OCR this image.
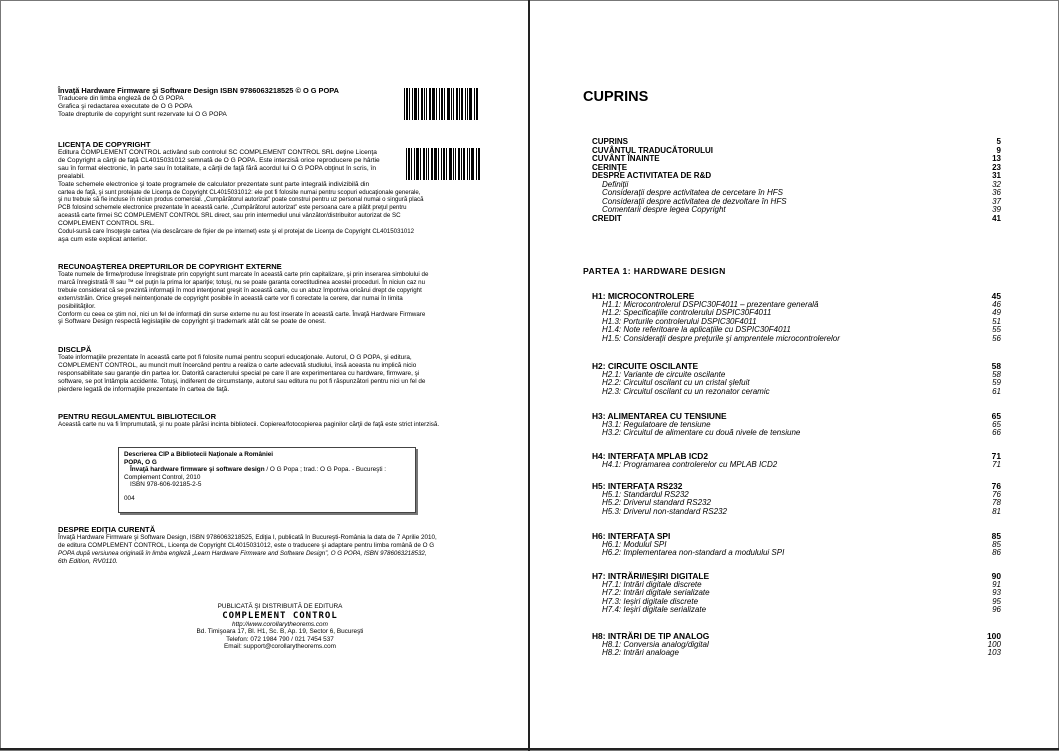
Învaţă Hardware Firmware şi Software Design ISBN 9786063218525 © O G POPA

Traducere din limba engleză de O G POPA

Grafica şi redactarea executate de O G POPA

Toate drepturile de copyright sunt rezervate lui O G POPA

LICENŢA DE COPYRIGHT

Editura COMPLEMENT CONTROL activând sub controlul SC COMPLEMENT CONTROL SRL deţine Licenţa

de Copyright a cărţii de faţă CL4015031012 semnată de O G POPA. Este interzisă orice reproducere pe hârtie

sau în format electronic, în parte sau în totalitate, a cărţii de faţă fără acordul lui O G POPA obţinut în scris, în

prealabil.

Toate schemele electronice şi toate programele de calculator prezentate sunt parte integrală indivizibilă din

cartea de faţă, şi sunt protejate de Licenţa de Copyright CL4015031012: ele pot fi folosite numai pentru scopuri educaţionale generale,

şi nu trebuie să fie incluse în niciun produs comercial. „Cumpărătorul autorizat” poate construi pentru uz personal numai o singură placă

PCB folosind schemele electronice prezentate în această carte. „Cumpărătorul autorizat” este persoana care a plătit preţul pentru

această carte firmei SC COMPLEMENT CONTROL SRL direct, sau prin intermediul unui vânzător/distribuitor autorizat de SC

COMPLEMENT CONTROL SRL.

Codul-sursă care însoţeşte cartea (via descărcare de fişier de pe internet) este şi el protejat de Licenţa de Copyright CL4015031012

aşa cum este explicat anterior.

RECUNOAŞTEREA DREPTURILOR DE COPYRIGHT EXTERNE

Toate numele de firme/produse înregistrate prin copyright sunt marcate în această carte prin capitalizare, şi prin inserarea simbolului de

marcă înregistrată ® sau ™ cel puţin la prima lor apariţie; totuşi, nu se poate garanta corectitudinea acestei proceduri. În niciun caz nu

trebuie considerat că se prezintă informaţii în mod intenţionat greşit în această carte, cu un abuz împotriva oricărui drept de copyright

extern/străin. Orice greşeli neintenţionate de copyright posibile în această carte vor fi corectate la cerere, dar numai în limita

posibilităţilor.

Conform cu ceea ce ştim noi, nici un fel de informaţii din surse externe nu au fost inserate în această carte. Învaţă Hardware Firmware

şi Software Design respectă legislaţiile de copyright şi trademark atât cât se poate de onest.

DISCLPĂ

Toate informaţiile prezentate în această carte pot fi folosite numai pentru scopuri educaţionale. Autorul, O G POPA, şi editura,

COMPLEMENT CONTROL, au muncit mult încercând pentru a realiza o carte adecvată studiului, însă aceasta nu implică nicio

responsabilitate sau garanţie din partea lor. Datorită caracterului special pe care îl are experimentarea cu hardware, firmware, şi

software, se pot întâmpla accidente. Totuşi, indiferent de circumstanţe, autorul sau editura nu pot fi răspunzători pentru nici un fel de

pierdere legată de informaţiile prezentate în cartea de faţă.

PENTRU REGULAMENTUL BIBLIOTECILOR

Această carte nu va fi împrumutată, şi nu poate părăsi incinta bibliotecii. Copierea/fotocopierea paginilor cărţii de faţă este strict interzisă.

Descrierea CIP a Bibliotecii Naţionale a României

POPA, O G

Învaţă hardware firmware şi software design / O G Popa ; trad.: O G Popa. - Bucureşti :

Complement Control, 2010

ISBN 978-606-92185-2-5

004

DESPRE EDIŢIA CURENTĂ

Învaţă Hardware Firmware şi Software Design, ISBN 9786063218525, Ediţia I, publicată în Bucureşti-România la data de 7 Aprilie 2010,

de editura COMPLEMENT CONTROL, Licenţa de Copyright CL4015031012, este o traducere şi adaptare pentru limba română de O G

POPA după versiunea originală în limba engleză „Learn Hardware Firmware and Software Design”, O G POPA, ISBN 9786063218532,

6th Edition, RV0110.

PUBLICATĂ ŞI DISTRIBUITĂ DE EDITURA

COMPLEMENT CONTROL

http://www.corollarytheorems.com

Bd. Timişoara 17, Bl. H1, Sc. B, Ap. 19, Sector 6, Bucureşti

Telefon: 072 1984 790 / 021 7454 537

Email: support@corollarytheorems.com

CUPRINS
CUPRINS	5
CUVÂNTUL TRADUCĂTORULUI	9
CUVÂNT ÎNAINTE	13
CERINŢE	23
DESPRE ACTIVITATEA DE R&D	31
Definiţii	32
Consideraţii despre activitatea de cercetare în HFS	36
Consideraţii despre activitatea de dezvoltare în HFS	37
Comentarii despre legea Copyright	39
CREDIT	41
PARTEA 1: HARDWARE DESIGN
H1: MICROCONTROLERE	45
H1.1: Microcontrolerul DSPIC30F4011 – prezentare generală	46
H1.2: Specificaţiile controlerului DSPIC30F4011	49
H1.3: Porturile controlerului DSPIC30F4011	51
H1.4: Note referitoare la aplicaţiile cu DSPIC30F4011	55
H1.5: Consideraţii despre preţurile şi amprentele microcontrolerelor	56
H2: CIRCUITE OSCILANTE	58
H2.1: Variante de circuite oscilante	58
H2.2: Circuitul oscilant cu un cristal şlefuit	59
H2.3: Circuitul oscilant cu un rezonator ceramic	61
H3: ALIMENTAREA CU TENSIUNE	65
H3.1: Regulatoare de tensiune	65
H3.2: Circuitul de alimentare cu două nivele de tensiune	66
H4: INTERFAŢA MPLAB ICD2	71
H4.1: Programarea controlerelor cu MPLAB ICD2	71
H5: INTERFAŢA RS232	76
H5.1: Standardul RS232	76
H5.2: Driverul standard RS232	78
H5.3: Driverul non-standard RS232	81
H6: INTERFAŢA SPI	85
H6.1: Modulul SPI	85
H6.2: Implementarea non-standard a modulului SPI	86
H7: INTRĂRI/IEŞIRI DIGITALE	90
H7.1: Intrări digitale discrete	91
H7.2: Intrări digitale serializate	93
H7.3: Ieşiri digitale discrete	95
H7.4: Ieşiri digitale serializate	96
H8: INTRĂRI DE TIP ANALOG	100
H8.1: Conversia analog/digital	100
H8.2: Intrări analoage	103
